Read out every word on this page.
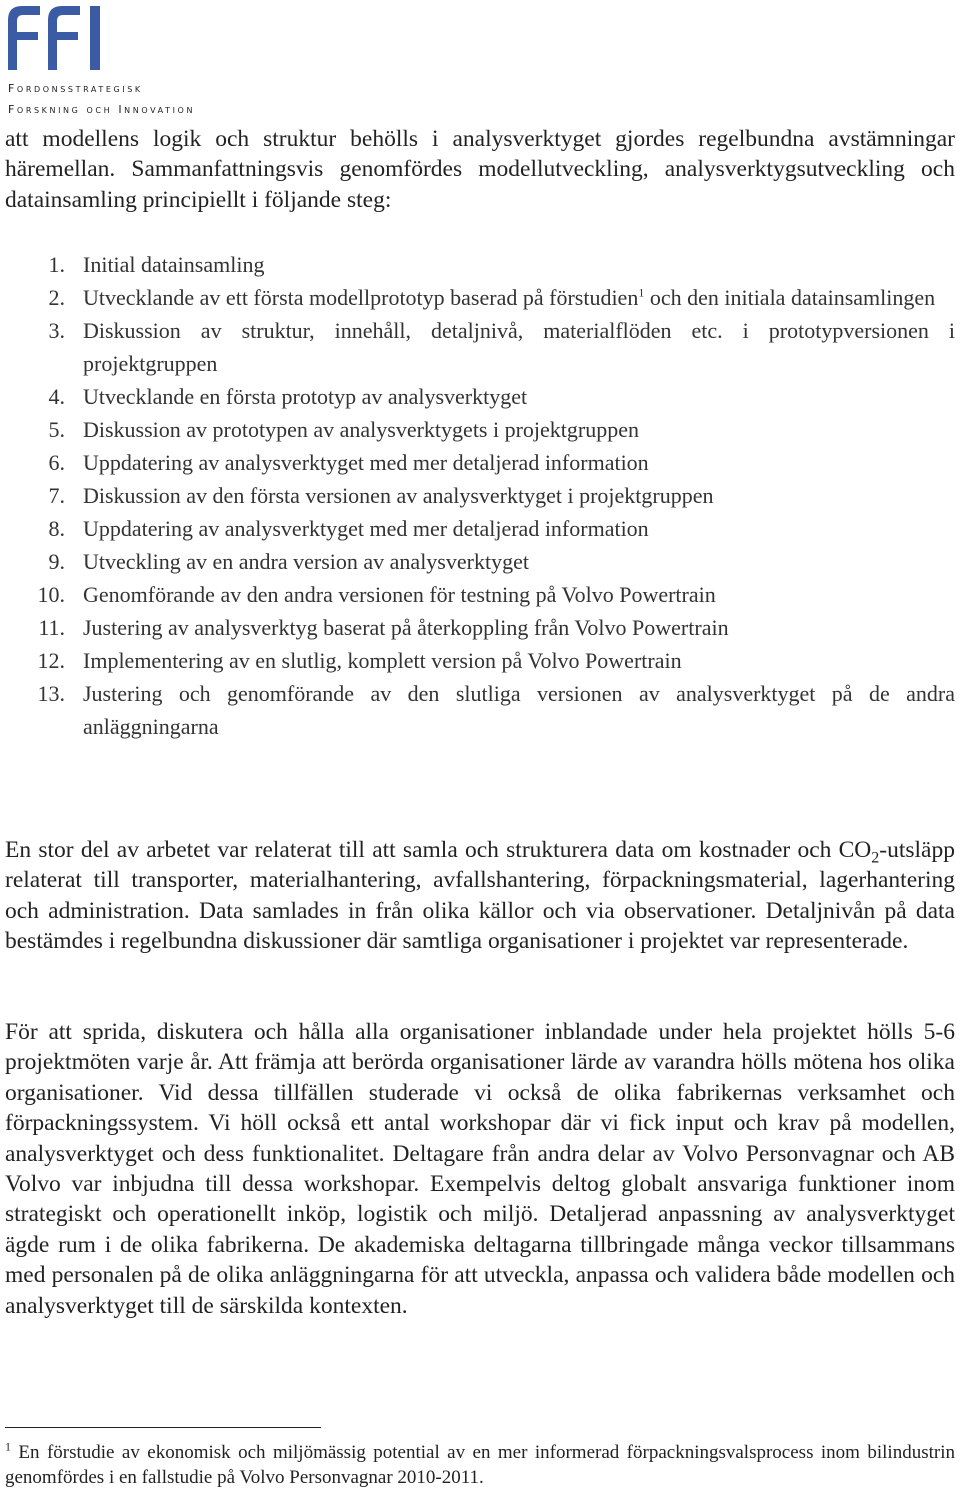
Fordonsstrategisk
Forskning och Innovation

att modellens logik och struktur behölls i analysverktyget gjordes regelbundna avstämningar häremellan. Sammanfattningsvis genomfördes modellutveckling, analysverktygsutveckling och datainsamling principiellt i följande steg:

1. Initial datainsamling
2. Utvecklande av ett första modellprototyp baserad på förstudien$^1$ och den initiala datainsamlingen
3. Diskussion av struktur, innehåll, detaljnivå, materialflöden etc. i prototypversionen i projektgruppen
4. Utvecklande en första prototyp av analysverktyget
5. Diskussion av prototypen av analysverktygets i projektgruppen
6. Uppdatering av analysverktyget med mer detaljerad information
7. Diskussion av den första versionen av analysverktyget i projektgruppen
8. Uppdatering av analysverktyget med mer detaljerad information
9. Utveckling av en andra version av analysverktyget
10. Genomförande av den andra versionen för testning på Volvo Powertrain
11. Justering av analysverktyg baserat på återkoppling från Volvo Powertrain
12. Implementering av en slutlig, komplett version på Volvo Powertrain
13. Justering och genomförande av den slutliga versionen av analysverktyget på de andra anläggningarna

En stor del av arbetet var relaterat till att samla och strukturera data om kostnader och $CO_2$-utsläpp relaterat till transporter, materialhantering, avfallshantering, förpackningsmaterial, lagerhantering och administration. Data samlades in från olika källor och via observationer. Detaljnivån på data bestämdes i regelbundna diskussioner där samtliga organisationer i projektet var representerade.

För att sprida, diskutera och hålla alla organisationer inblandade under hela projektet hölls 5-6 projektmöten varje år. Att främja att berörda organisationer lärde av varandra hölls mötena hos olika organisationer. Vid dessa tillfällen studerade vi också de olika fabrikernas verksamhet och förpackningssystem. Vi höll också ett antal workshopar där vi fick input och krav på modellen, analysverktyget och dess funktionalitet. Deltagare från andra delar av Volvo Personvagnar och AB Volvo var inbjudna till dessa workshopar. Exempelvis deltog globalt ansvariga funktioner inom strategiskt och operationellt inköp, logistik och miljö. Detaljerad anpassning av analysverktyget ägde rum i de olika fabrikerna. De akademiska deltagarna tillbringade många veckor tillsammans med personalen på de olika anläggningarna för att utveckla, anpassa och validera både modellen och analysverktyget till de särskilda kontexten.

$^1$ En förstudie av ekonomisk och miljömässig potential av en mer informerad förpackningsvalsprocess inom bilindustrin genomfördes i en fallstudie på Volvo Personvagnar 2010-2011.
